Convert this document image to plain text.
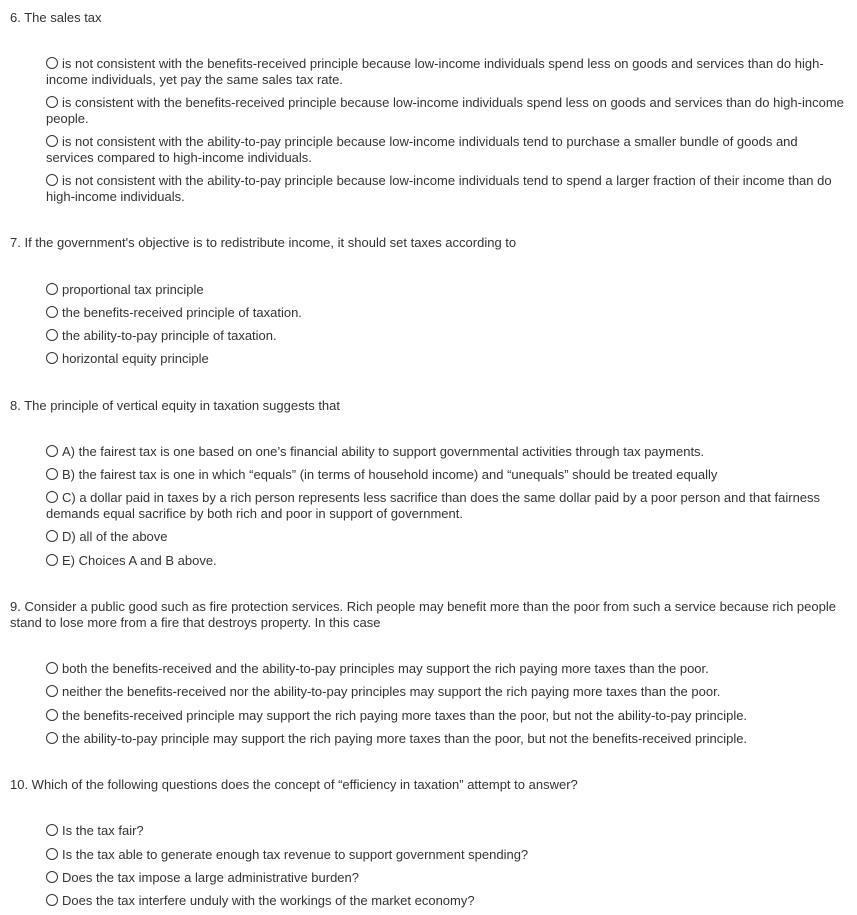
6. The sales tax
is not consistent with the benefits-received principle because low-income individuals spend less on goods and services than do high-income individuals, yet pay the same sales tax rate.
is consistent with the benefits-received principle because low-income individuals spend less on goods and services than do high-income people.
is not consistent with the ability-to-pay principle because low-income individuals tend to purchase a smaller bundle of goods and services compared to high-income individuals.
is not consistent with the ability-to-pay principle because low-income individuals tend to spend a larger fraction of their income than do high-income individuals.
7. If the government's objective is to redistribute income, it should set taxes according to
proportional tax principle
the benefits-received principle of taxation.
the ability-to-pay principle of taxation.
horizontal equity principle
8. The principle of vertical equity in taxation suggests that
A) the fairest tax is one based on one’s financial ability to support governmental activities through tax payments.
B) the fairest tax is one in which “equals” (in terms of household income) and “unequals” should be treated equally
C) a dollar paid in taxes by a rich person represents less sacrifice than does the same dollar paid by a poor person and that fairness demands equal sacrifice by both rich and poor in support of government.
D) all of the above
E) Choices A and B above.
9. Consider a public good such as fire protection services. Rich people may benefit more than the poor from such a service because rich people stand to lose more from a fire that destroys property. In this case
both the benefits-received and the ability-to-pay principles may support the rich paying more taxes than the poor.
neither the benefits-received nor the ability-to-pay principles may support the rich paying more taxes than the poor.
the benefits-received principle may support the rich paying more taxes than the poor, but not the ability-to-pay principle.
the ability-to-pay principle may support the rich paying more taxes than the poor, but not the benefits-received principle.
10. Which of the following questions does the concept of “efficiency in taxation” attempt to answer?
Is the tax fair?
Is the tax able to generate enough tax revenue to support government spending?
Does the tax impose a large administrative burden?
Does the tax interfere unduly with the workings of the market economy?
